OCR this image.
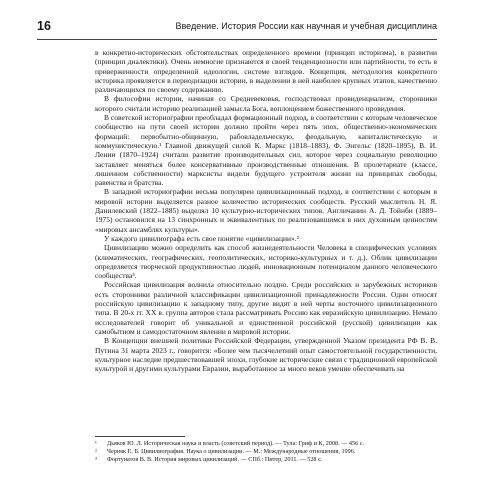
16	Введение. История России как научная и учебная дисциплина

в конкретно-исторических обстоятельствах определенного времени (принцип историзма), в развитии (принцип диалектики). Очень немногие признаются в своей тенденциозности или партийности, то есть в приверженности определенной идеологии, системе взглядов. Концепция, методология конкретного историка проявляется в периодизации истории, в выделении в ней наиболее крупных этапов, качественно различающихся по своему содержанию.

В философии истории, начиная со Средневековья, господствовал провиденциализм, сторонники которого считали историю реализацией замысла Бога, воплощением божественного провидения.

В советской историографии преобладал формационный подход, в соответствии с которым человеческое сообщество на пути своей истории должно пройти через пять эпох, общественно-экономических формаций: первобытно-общинную, рабовладельческую, феодальную, капиталистическую и коммунистическую.¹ Главной движущей силой К. Маркс (1818–1883), Ф. Энгельс (1820–1895), В. И. Ленин (1870–1924) считали развитие производительных сил, которое через социальную революцию заставляет меняться более консервативные производственные отношения. В пролетариате (классе, лишенном собственности) марксисты видели будущего устроителя жизни на принципах свободы, равенства и братства.

В западной историографии весьма популярен цивилизационный подход, в соответствии с которым в мировой истории выделяется разное количество исторических сообществ. Русский мыслитель Н. Я. Данилевский (1822–1885) выделял 10 культурно-исторических типов. Англичанин А. Д. Тойнби (1889–1975) остановился на 13 синхронных и эквивалентных по реализовавшимся в них духовным ценностям «мировых ансамблях культуры».

У каждого цивилиографа есть свое понятие «цивилизации».²

Цивилизацию можно определить как способ жизнедеятельности Человека в специфических условиях (климатических, географических, геополитических, историко-культурных и т. д.). Облик цивилизации определяется творческой продуктивностью людей, инновационным потенциалом данного человеческого сообщества³.

Российская цивилизация волнила относительно поздно. Среди российских и зарубежных историков есть сторонники различной классификации цивилизационной принадлежности России. Одни относят российскую цивилизацию к западному типу, другие видят в ней черты восточного цивилизационного типа. В 20-х гг. XX в. группа авторов стала рассматривать Россию как евразийскую цивилизацию. Немало исследователей говорит об уникальной и единственной российской (русской) цивилизации как самобытном и самодостаточном явлении в мировой истории.

В Концепции внешней политики Российской Федерации, утвержденной Указом президента РФ В. В. Путина 31 марта 2023 г., говорится: «Более чем тысячелетний опыт самостоятельной государственности, культурное наследие предшествовавшей эпохи, глубокие исторические связи с традиционной европейской культурой и другими культурами Евразии, выработанное за много веков умение обеспечивать на

¹	Дьяков Ю. Л. Историческая наука и власть (советский период). — Тула: Гриф и К, 2008. — 456 с.
²	Черняк Е. Б. Цивилиография. Наука о цивилизации. — М.: Международные отношения, 1996.
³	Фортунатов В. В. История мировых цивилизаций. — СПб.: Питер, 2011. — 528 с.
